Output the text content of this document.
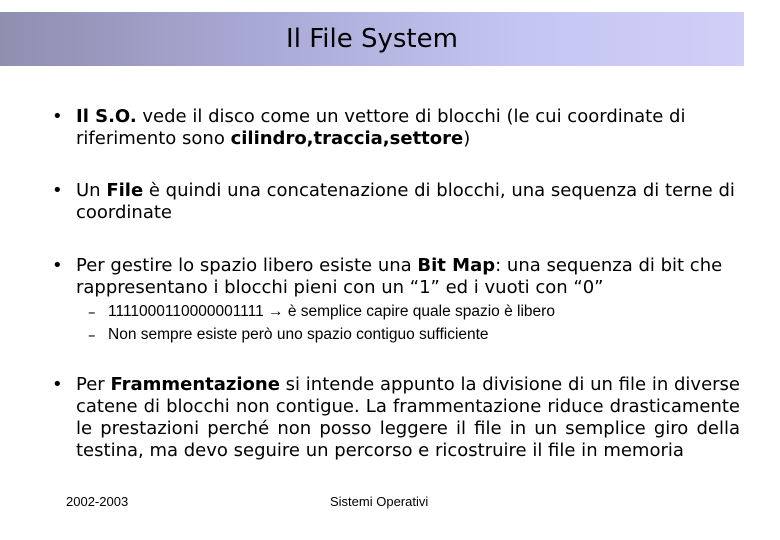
Il File System
• Il S.O. vede il disco come un vettore di blocchi (le cui coordinate di riferimento sono cilindro,traccia,settore)
• Un File è quindi una concatenazione di blocchi, una sequenza di terne di coordinate
• Per gestire lo spazio libero esiste una Bit Map: una sequenza di bit che rappresentano i blocchi pieni con un “1” ed i vuoti con “0”
– 1111000110000001111 → è semplice capire quale spazio è libero
– Non sempre esiste però uno spazio contiguo sufficiente
• Per Frammentazione si intende appunto la divisione di un file in diverse catene di blocchi non contigue. La frammentazione riduce drasticamente le prestazioni perché non posso leggere il file in un semplice giro della testina, ma devo seguire un percorso e ricostruire il file in memoria
2002-2003	Sistemi Operativi
